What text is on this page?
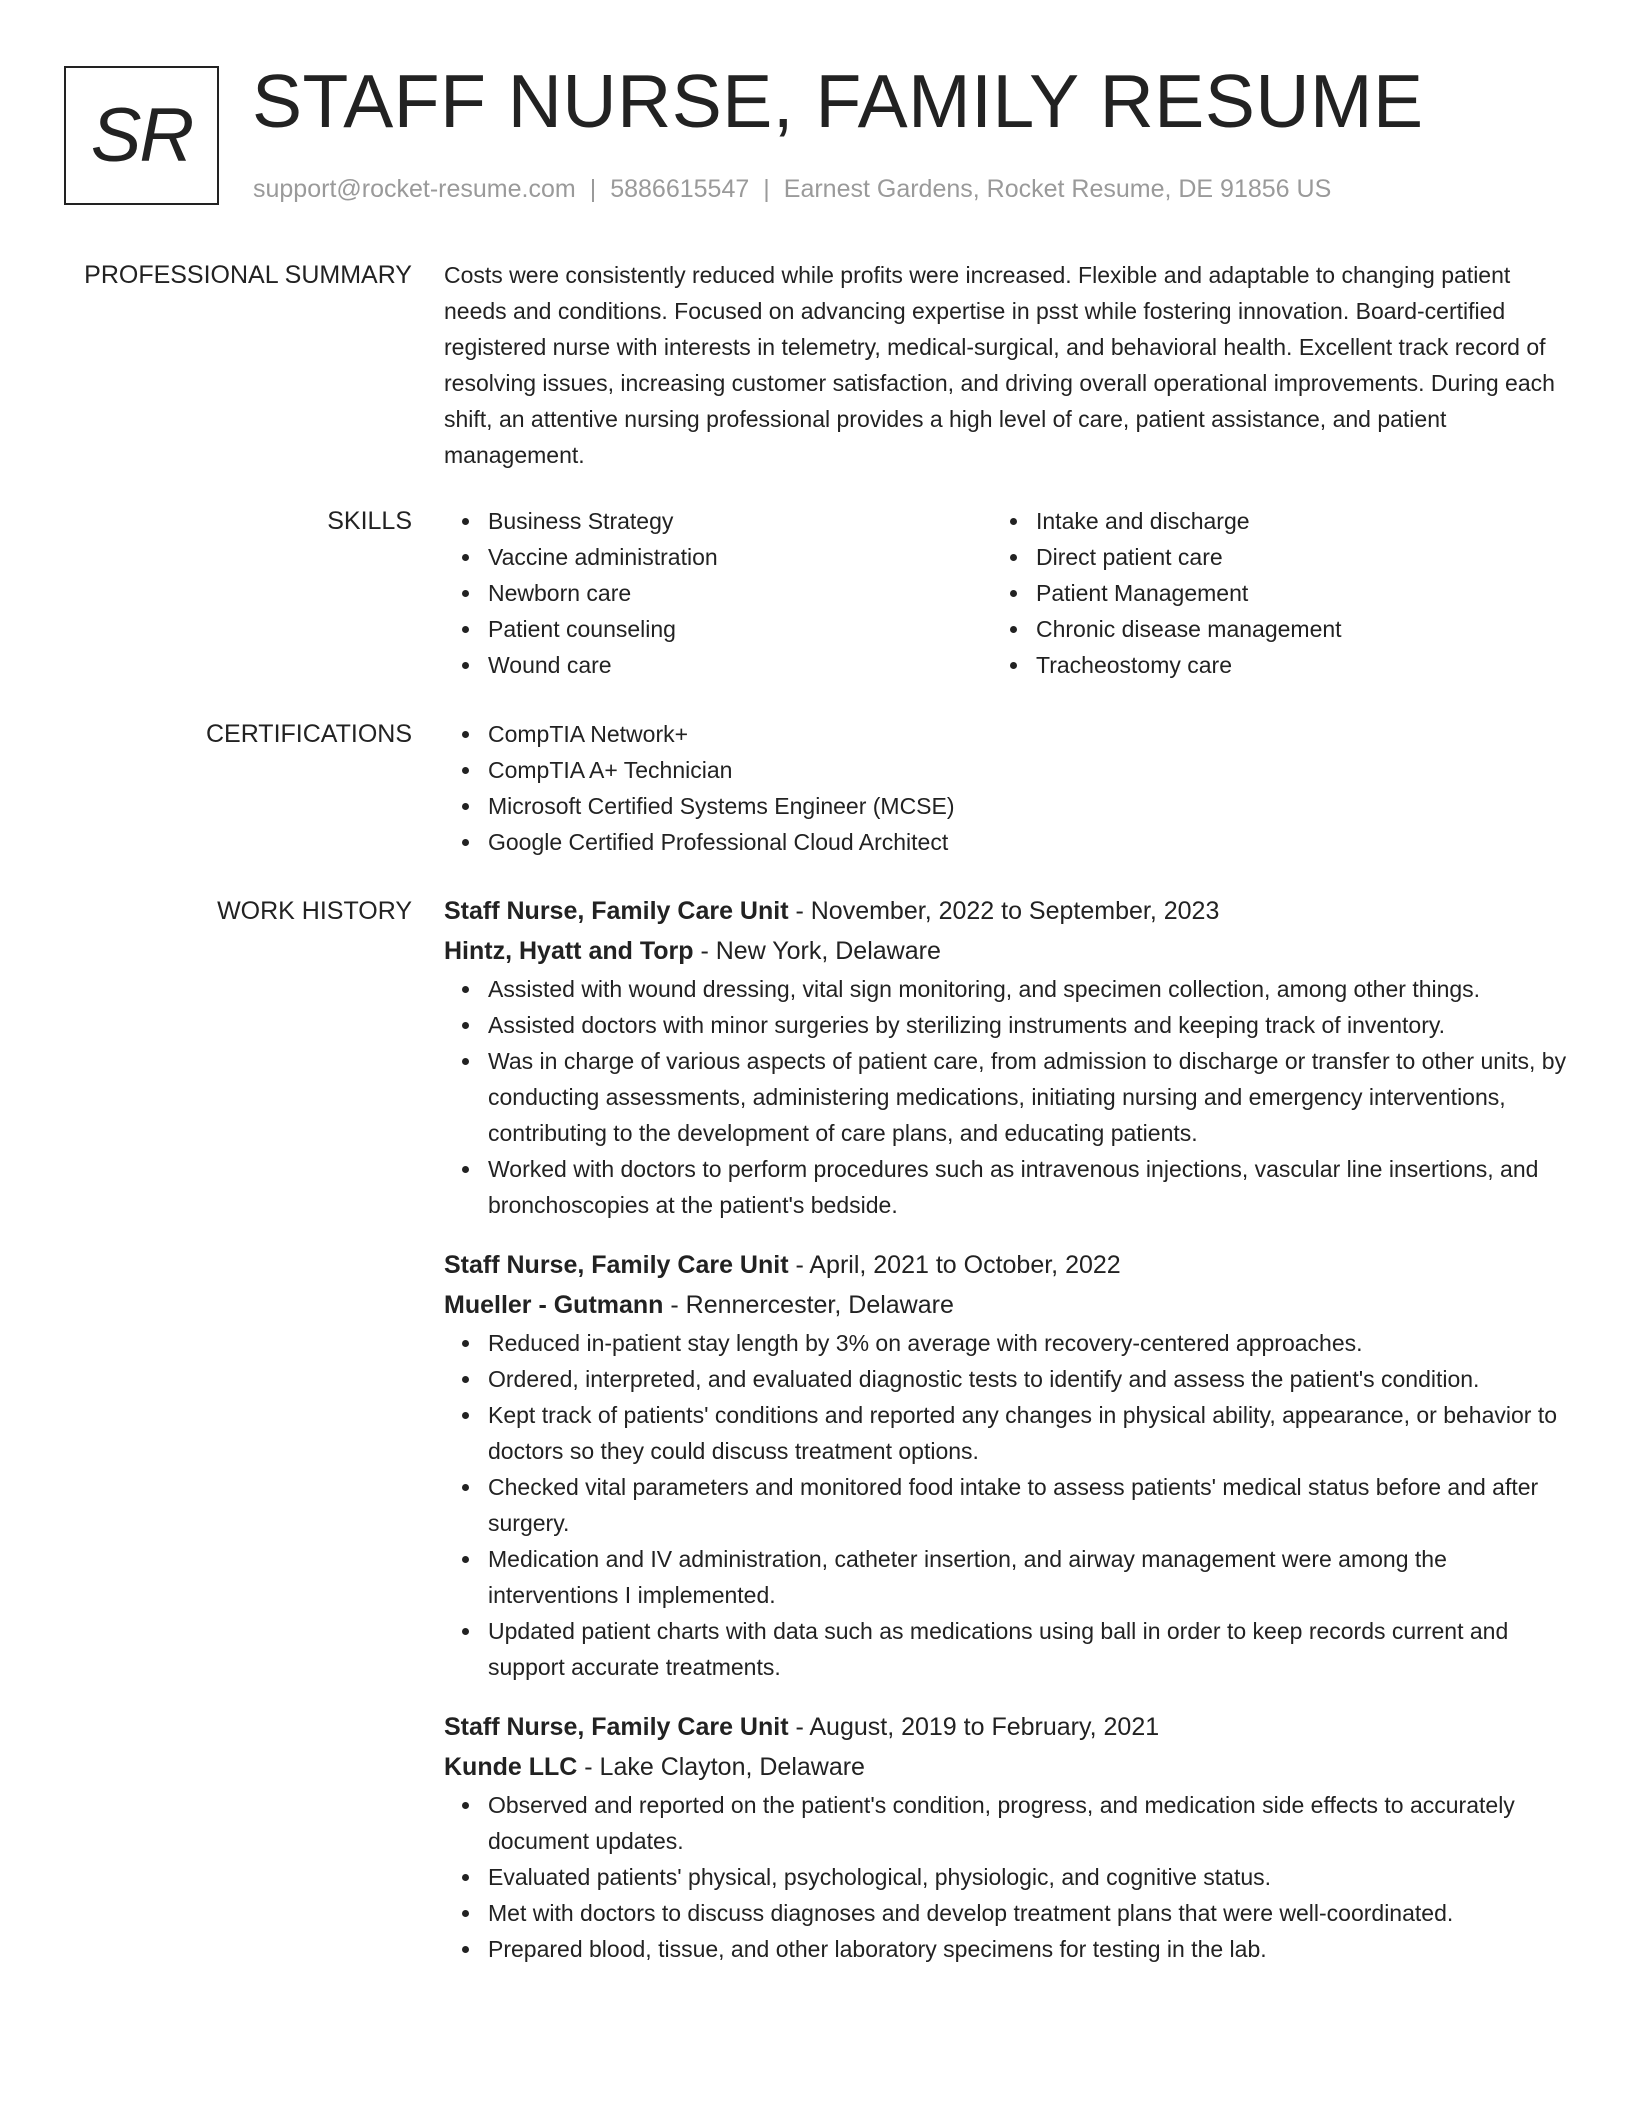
SR STAFF NURSE, FAMILY RESUME
support@rocket-resume.com | 5886615547 | Earnest Gardens, Rocket Resume, DE 91856 US
PROFESSIONAL SUMMARY Costs were consistently reduced while profits were increased. Flexible and adaptable to changing patient needs and conditions. Focused on advancing expertise in psst while fostering innovation. Board-certified registered nurse with interests in telemetry, medical-surgical, and behavioral health. Excellent track record of resolving issues, increasing customer satisfaction, and driving overall operational improvements. During each shift, an attentive nursing professional provides a high level of care, patient assistance, and patient management.

SKILLS	Business Strategy
Vaccine administration
Newborn care
Patient counseling
Wound care
Intake and discharge
Direct patient care
Patient Management
Chronic disease management
Tracheostomy care
CERTIFICATIONS	CompTIA Network+
CompTIA A+ Technician
Microsoft Certified Systems Engineer (MCSE)
Google Certified Professional Cloud Architect
WORK HISTORY Staff Nurse, Family Care Unit - November, 2022 to September, 2023
Hintz, Hyatt and Torp - New York, Delaware
Assisted with wound dressing, vital sign monitoring, and specimen collection, among other things.
Assisted doctors with minor surgeries by sterilizing instruments and keeping track of inventory.
Was in charge of various aspects of patient care, from admission to discharge or transfer to other units, by conducting assessments, administering medications, initiating nursing and emergency interventions, contributing to the development of care plans, and educating patients.
Worked with doctors to perform procedures such as intravenous injections, vascular line insertions, and bronchoscopies at the patient's bedside.
Staff Nurse, Family Care Unit - April, 2021 to October, 2022
Mueller - Gutmann - Rennercester, Delaware
Reduced in-patient stay length by 3% on average with recovery-centered approaches.
Ordered, interpreted, and evaluated diagnostic tests to identify and assess the patient's condition.
Kept track of patients' conditions and reported any changes in physical ability, appearance, or behavior to doctors so they could discuss treatment options.
Checked vital parameters and monitored food intake to assess patients' medical status before and after surgery.
Medication and IV administration, catheter insertion, and airway management were among the interventions I implemented.
Updated patient charts with data such as medications using ball in order to keep records current and support accurate treatments.
Staff Nurse, Family Care Unit - August, 2019 to February, 2021
Kunde LLC - Lake Clayton, Delaware
Observed and reported on the patient's condition, progress, and medication side effects to accurately document updates.
Evaluated patients' physical, psychological, physiologic, and cognitive status.
Met with doctors to discuss diagnoses and develop treatment plans that were well-coordinated.
Prepared blood, tissue, and other laboratory specimens for testing in the lab.
